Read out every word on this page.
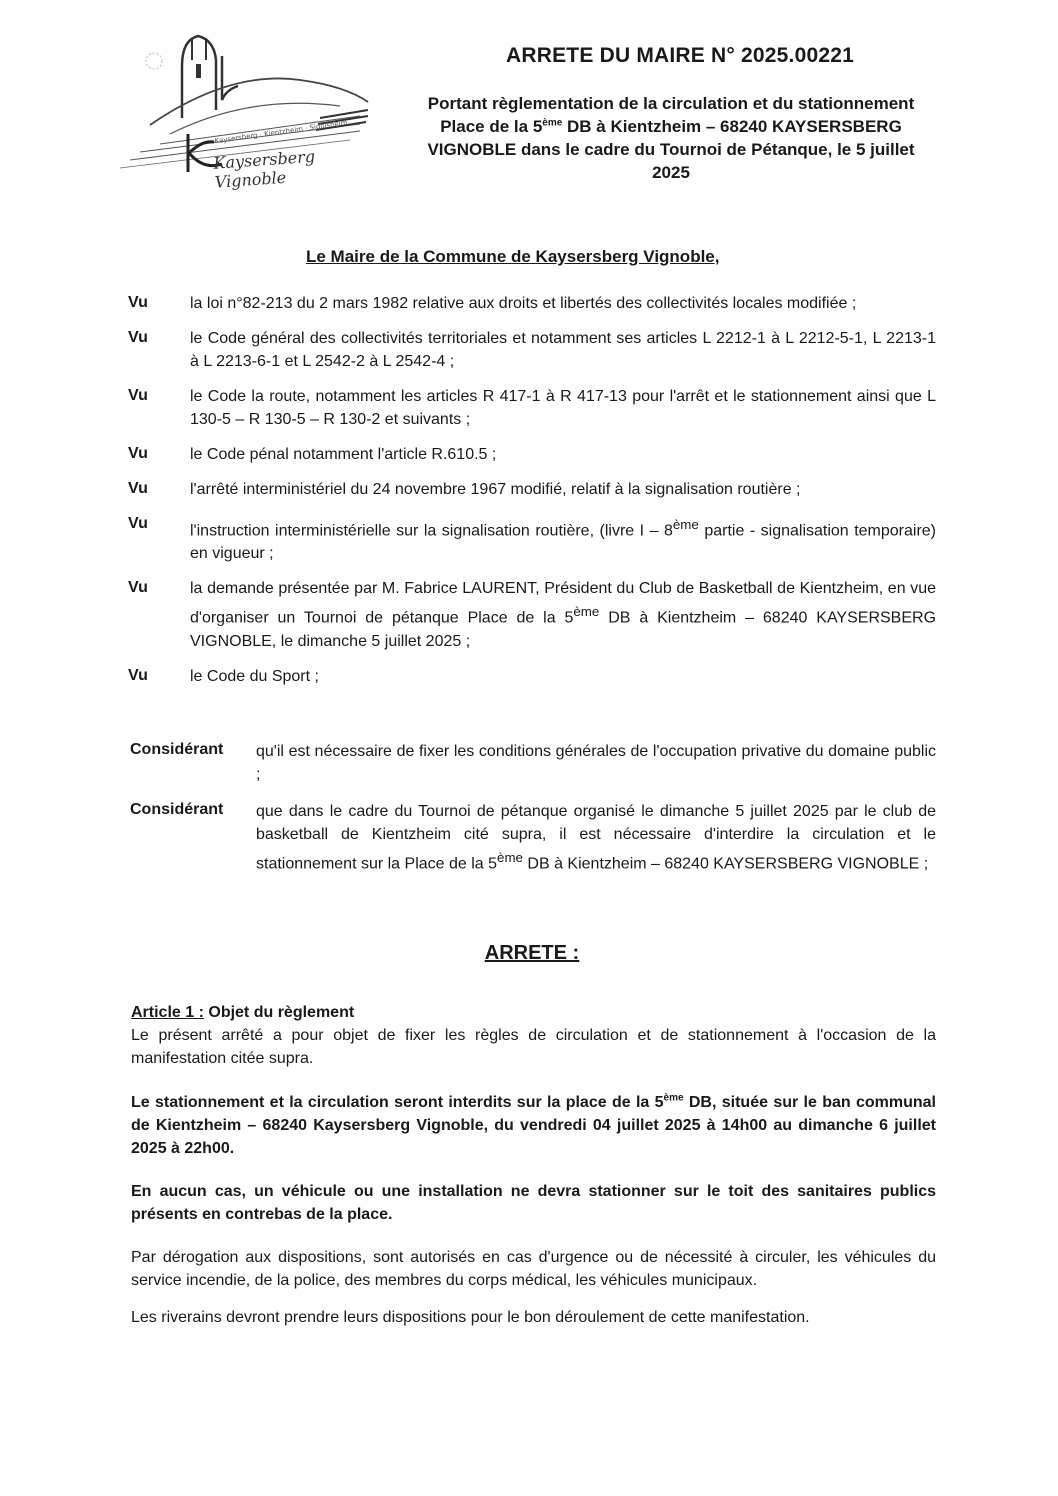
Kaysersberg · Kientzheim · Sigolsheim
Kaysersberg Vignoble
ARRETE DU MAIRE N° 2025.00221
Portant règlementation de la circulation et du stationnement
Place de la 5ème DB à Kientzheim – 68240 KAYSERSBERG
VIGNOBLE dans le cadre du Tournoi de Pétanque, le 5 juillet
2025
Le Maire de la Commune de Kaysersberg Vignoble,
Vu	la loi n°82-213 du 2 mars 1982 relative aux droits et libertés des collectivités locales modifiée ;
Vu	le Code général des collectivités territoriales et notamment ses articles L 2212-1 à L 2212-5-1, L 2213-1 à L 2213-6-1 et L 2542-2 à L 2542-4 ;
Vu	le Code la route, notamment les articles R 417-1 à R 417-13 pour l'arrêt et le stationnement ainsi que L 130-5 – R 130-5 – R 130-2 et suivants ;
Vu	le Code pénal notamment l'article R.610.5 ;
Vu	l'arrêté interministériel du 24 novembre 1967 modifié, relatif à la signalisation routière ;
Vu	l'instruction interministérielle sur la signalisation routière, (livre I – 8ème partie - signalisation temporaire) en vigueur ;
Vu	la demande présentée par M. Fabrice LAURENT, Président du Club de Basketball de Kientzheim, en vue d'organiser un Tournoi de pétanque Place de la 5ème DB à Kientzheim – 68240 KAYSERSBERG VIGNOBLE, le dimanche 5 juillet 2025 ;
Vu	le Code du Sport ;
Considérant	qu'il est nécessaire de fixer les conditions générales de l'occupation privative du domaine public ;
Considérant	que dans le cadre du Tournoi de pétanque organisé le dimanche 5 juillet 2025 par le club de basketball de Kientzheim cité supra, il est nécessaire d'interdire la circulation et le stationnement sur la Place de la 5ème DB à Kientzheim – 68240 KAYSERSBERG VIGNOBLE ;
ARRETE :
Article 1 : Objet du règlement

Le présent arrêté a pour objet de fixer les règles de circulation et de stationnement à l'occasion de la manifestation citée supra.

Le stationnement et la circulation seront interdits sur la place de la 5ème DB, située sur le ban communal de Kientzheim – 68240 Kaysersberg Vignoble, du vendredi 04 juillet 2025 à 14h00 au dimanche 6 juillet 2025 à 22h00.

En aucun cas, un véhicule ou une installation ne devra stationner sur le toit des sanitaires publics présents en contrebas de la place.

Par dérogation aux dispositions, sont autorisés en cas d'urgence ou de nécessité à circuler, les véhicules du service incendie, de la police, des membres du corps médical, les véhicules municipaux.

Les riverains devront prendre leurs dispositions pour le bon déroulement de cette manifestation.
